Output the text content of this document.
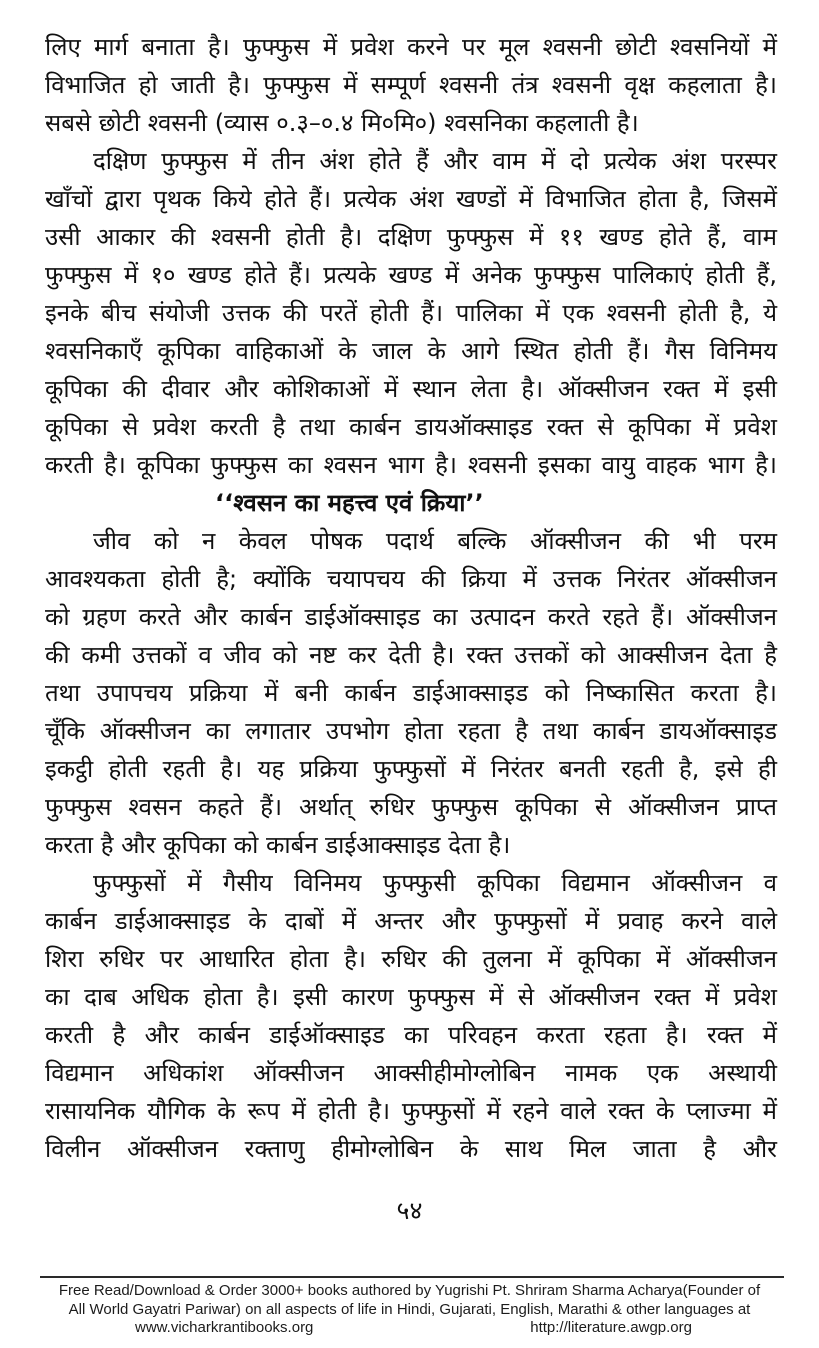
लिए मार्ग बनाता है। फुफ्फुस में प्रवेश करने पर मूल श्वसनी छोटी श्वसनियों में
विभाजित हो जाती है। फुफ्फुस में सम्पूर्ण श्वसनी तंत्र श्वसनी वृक्ष कहलाता है।
सबसे छोटी श्वसनी (व्यास ०.३–०.४ मि०मि०) श्वसनिका कहलाती है।
दक्षिण फुफ्फुस में तीन अंश होते हैं और वाम में दो प्रत्येक अंश परस्पर
खाँचों द्वारा पृथक किये होते हैं। प्रत्येक अंश खण्डों में विभाजित होता है, जिसमें
उसी आकार की श्वसनी होती है। दक्षिण फुफ्फुस में ११ खण्ड होते हैं, वाम
फुफ्फुस में १० खण्ड होते हैं। प्रत्यके खण्ड में अनेक फुफ्फुस पालिकाएं होती हैं,
इनके बीच संयोजी उत्तक की परतें होती हैं। पालिका में एक श्वसनी होती है, ये
श्वसनिकाएँ कूपिका वाहिकाओं के जाल के आगे स्थित होती हैं। गैस विनिमय
कूपिका की दीवार और कोशिकाओं में स्थान लेता है। ऑक्सीजन रक्त में इसी
कूपिका से प्रवेश करती है तथा कार्बन डायऑक्साइड रक्त से कूपिका में प्रवेश
करती है। कूपिका फुफ्फुस का श्वसन भाग है। श्वसनी इसका वायु वाहक भाग है।
‘‘श्वसन का महत्त्व एवं क्रिया’’
जीव को न केवल पोषक पदार्थ बल्कि ऑक्सीजन की भी परम
आवश्यकता होती है; क्योंकि चयापचय की क्रिया में उत्तक निरंतर ऑक्सीजन
को ग्रहण करते और कार्बन डाईऑक्साइड का उत्पादन करते रहते हैं। ऑक्सीजन
की कमी उत्तकों व जीव को नष्ट कर देती है। रक्त उत्तकों को आक्सीजन देता है
तथा उपापचय प्रक्रिया में बनी कार्बन डाईआक्साइड को निष्कासित करता है।
चूँकि ऑक्सीजन का लगातार उपभोग होता रहता है तथा कार्बन डायऑक्साइड
इकट्ठी होती रहती है। यह प्रक्रिया फुफ्फुसों में निरंतर बनती रहती है, इसे ही
फुफ्फुस श्वसन कहते हैं। अर्थात् रुधिर फुफ्फुस कूपिका से ऑक्सीजन प्राप्त
करता है और कूपिका को कार्बन डाईआक्साइड देता है।
फुफ्फुसों में गैसीय विनिमय फुफ्फुसी कूपिका विद्यमान ऑक्सीजन व
कार्बन डाईआक्साइड के दाबों में अन्तर और फुफ्फुसों में प्रवाह करने वाले
शिरा रुधिर पर आधारित होता है। रुधिर की तुलना में कूपिका में ऑक्सीजन
का दाब अधिक होता है। इसी कारण फुफ्फुस में से ऑक्सीजन रक्त में प्रवेश
करती है और कार्बन डाईऑक्साइड का परिवहन करता रहता है। रक्त में
विद्यमान अधिकांश ऑक्सीजन आक्सीहीमोग्लोबिन नामक एक अस्थायी
रासायनिक यौगिक के रूप में होती है। फुफ्फुसों में रहने वाले रक्त के प्लाज्मा में
विलीन ऑक्सीजन रक्ताणु हीमोग्लोबिन के साथ मिल जाता है और
५४
Free Read/Download & Order 3000+ books authored by Yugrishi Pt. Shriram Sharma Acharya(Founder of
All World Gayatri Pariwar) on all aspects of life in Hindi, Gujarati, English, Marathi & other languages at
www.vicharkrantibooks.org	http://literature.awgp.org
